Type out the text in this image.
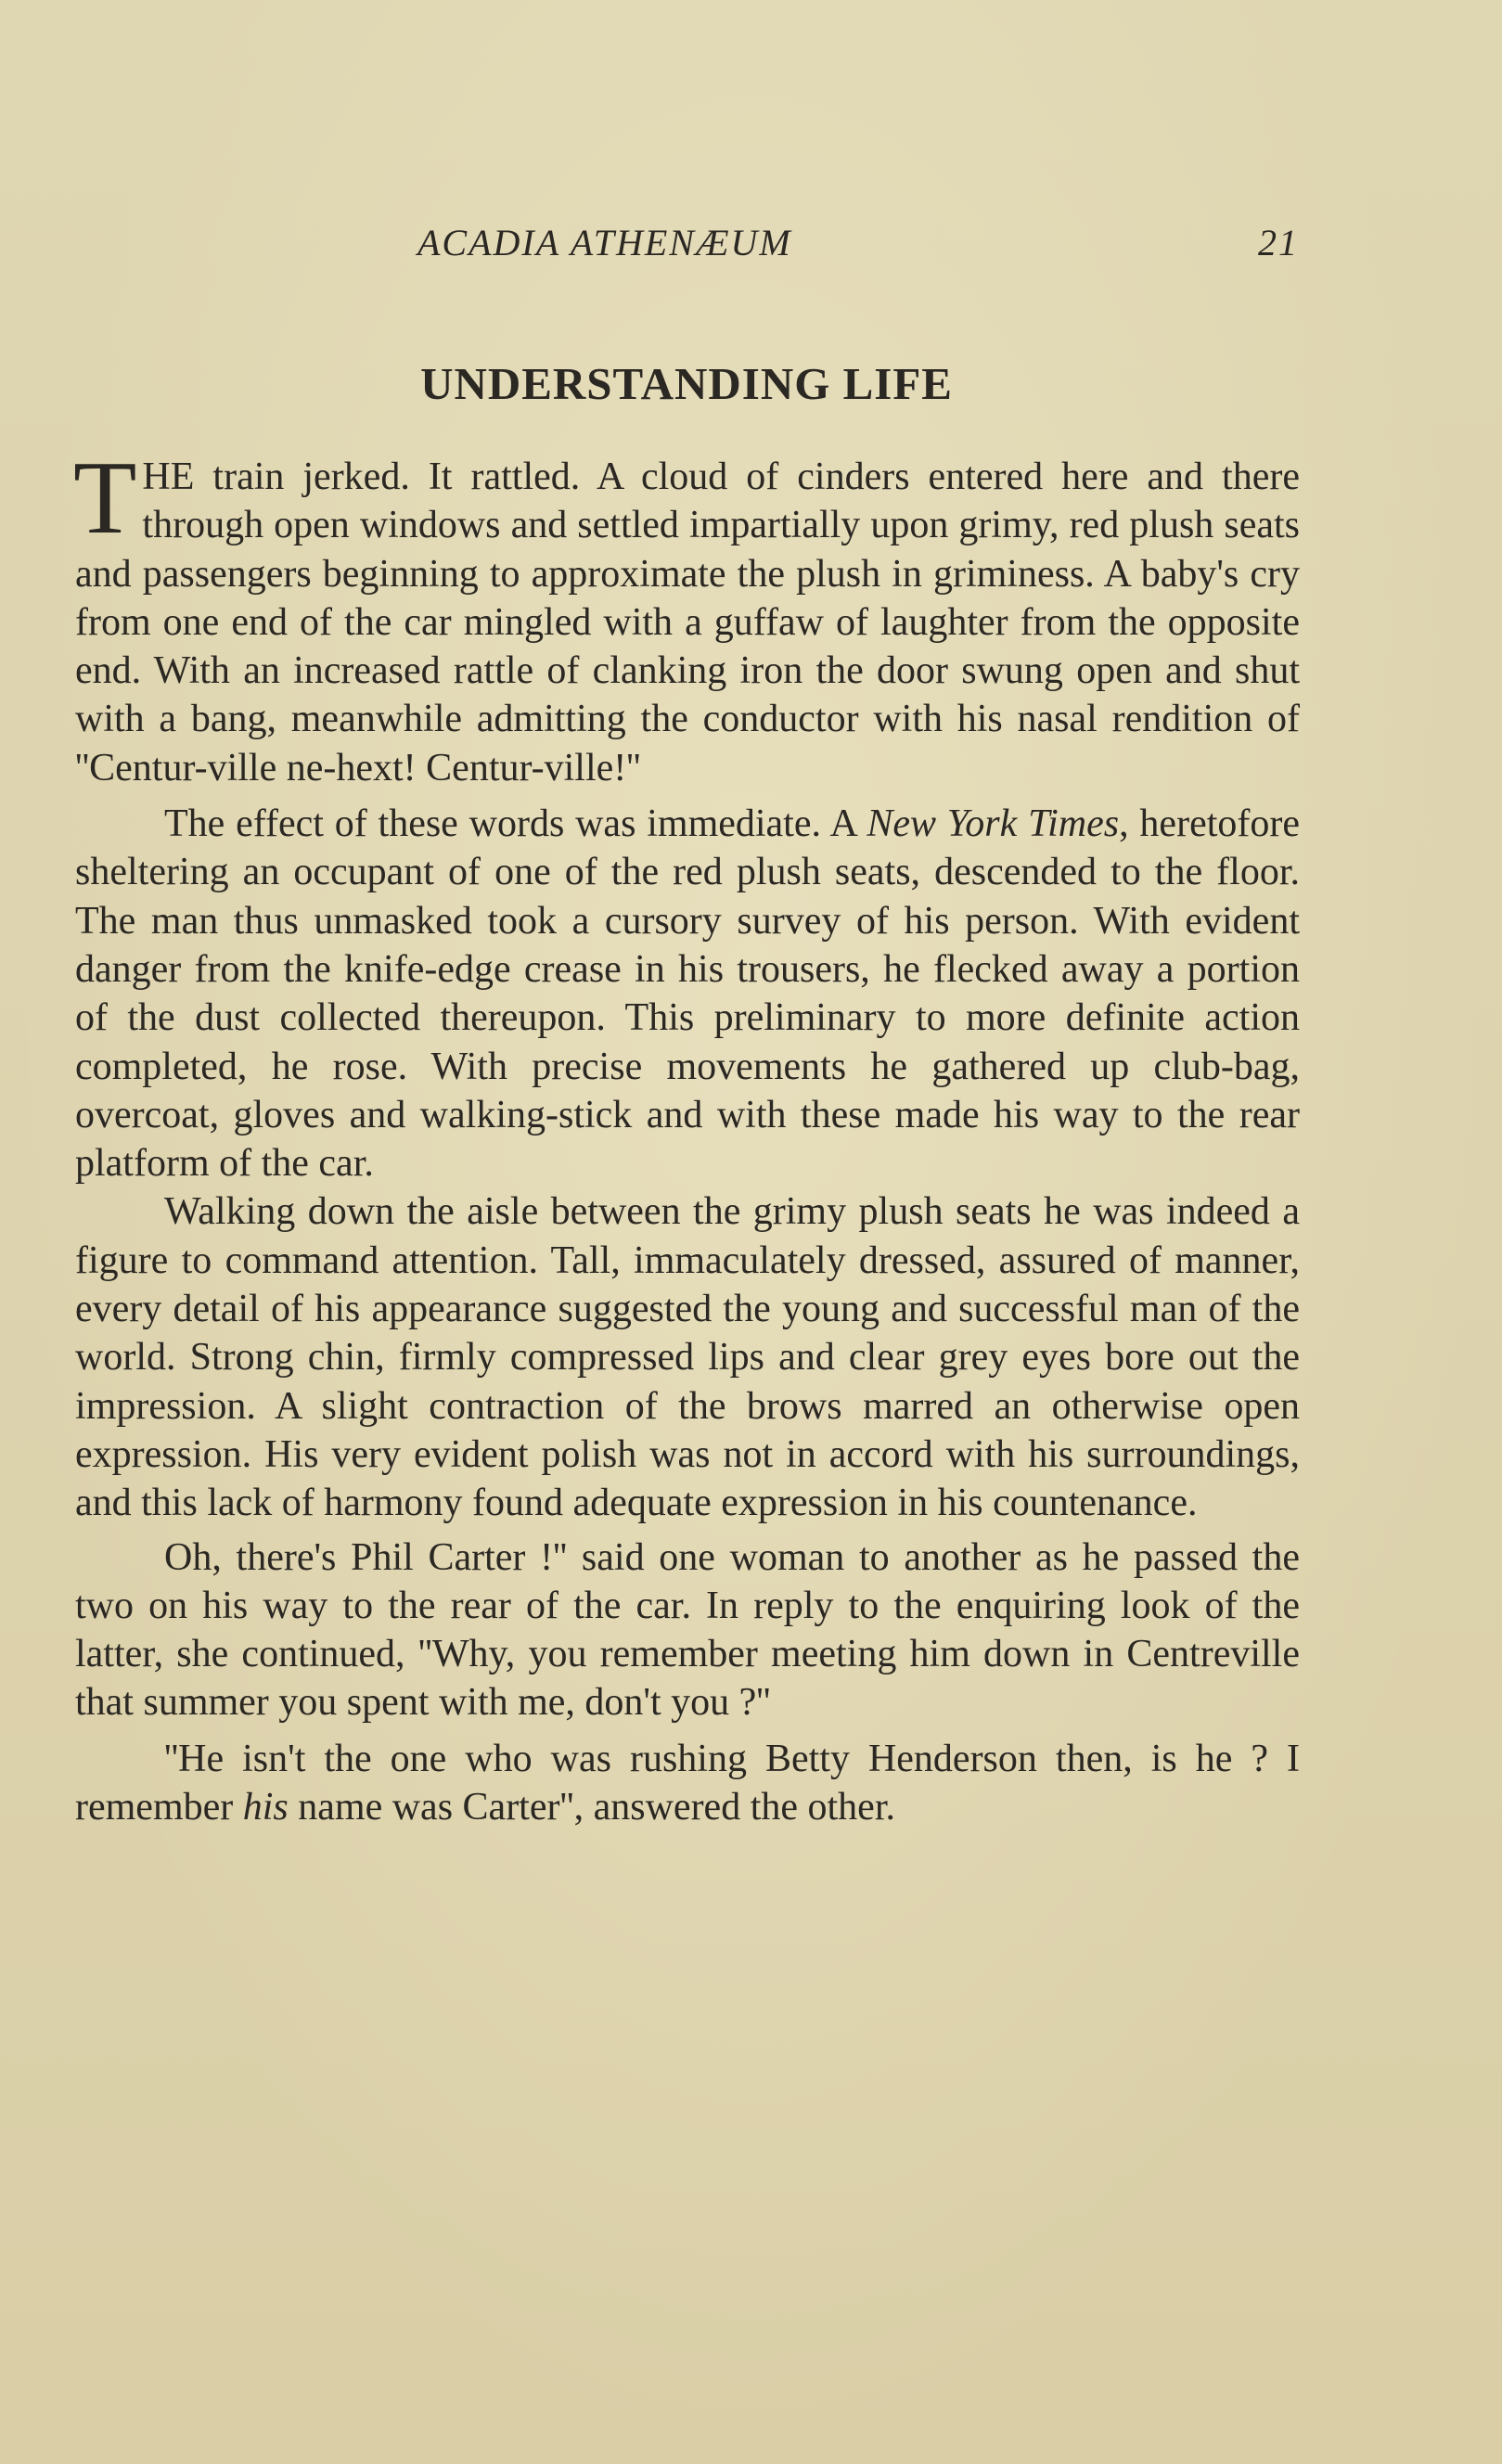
ACADIA ATHENÆUM	21
UNDERSTANDING LIFE

THE train jerked. It rattled. A cloud of cinders entered here and there through open windows and settled impartially upon grimy, red plush seats and passengers beginning to approximate the plush in griminess. A baby's cry from one end of the car mingled with a guffaw of laughter from the opposite end. With an increased rattle of clanking iron the door swung open and shut with a bang, meanwhile admitting the conductor with his nasal rendition of ''Centur-ville ne-hext! Centur-ville!''

The effect of these words was immediate. A New York Times, heretofore sheltering an occupant of one of the red plush seats, descended to the floor. The man thus unmasked took a cursory survey of his person. With evident danger from the knife-edge crease in his trousers, he flecked away a portion of the dust collected thereupon. This preliminary to more definite action completed, he rose. With precise movements he gathered up club-bag, overcoat, gloves and walking-stick and with these made his way to the rear platform of the car.

Walking down the aisle between the grimy plush seats he was indeed a figure to command attention. Tall, immaculately dressed, assured of manner, every detail of his appearance suggested the young and successful man of the world. Strong chin, firmly compressed lips and clear grey eyes bore out the impression. A slight contraction of the brows marred an otherwise open expression. His very evident polish was not in accord with his surroundings, and this lack of harmony found adequate expression in his countenance.

Oh, there's Phil Carter !'' said one woman to another as he passed the two on his way to the rear of the car. In reply to the enquiring look of the latter, she continued, ''Why, you remember meeting him down in Centreville that summer you spent with me, don't you ?''

''He isn't the one who was rushing Betty Henderson then, is he ? I remember his name was Carter'', answered the other.
